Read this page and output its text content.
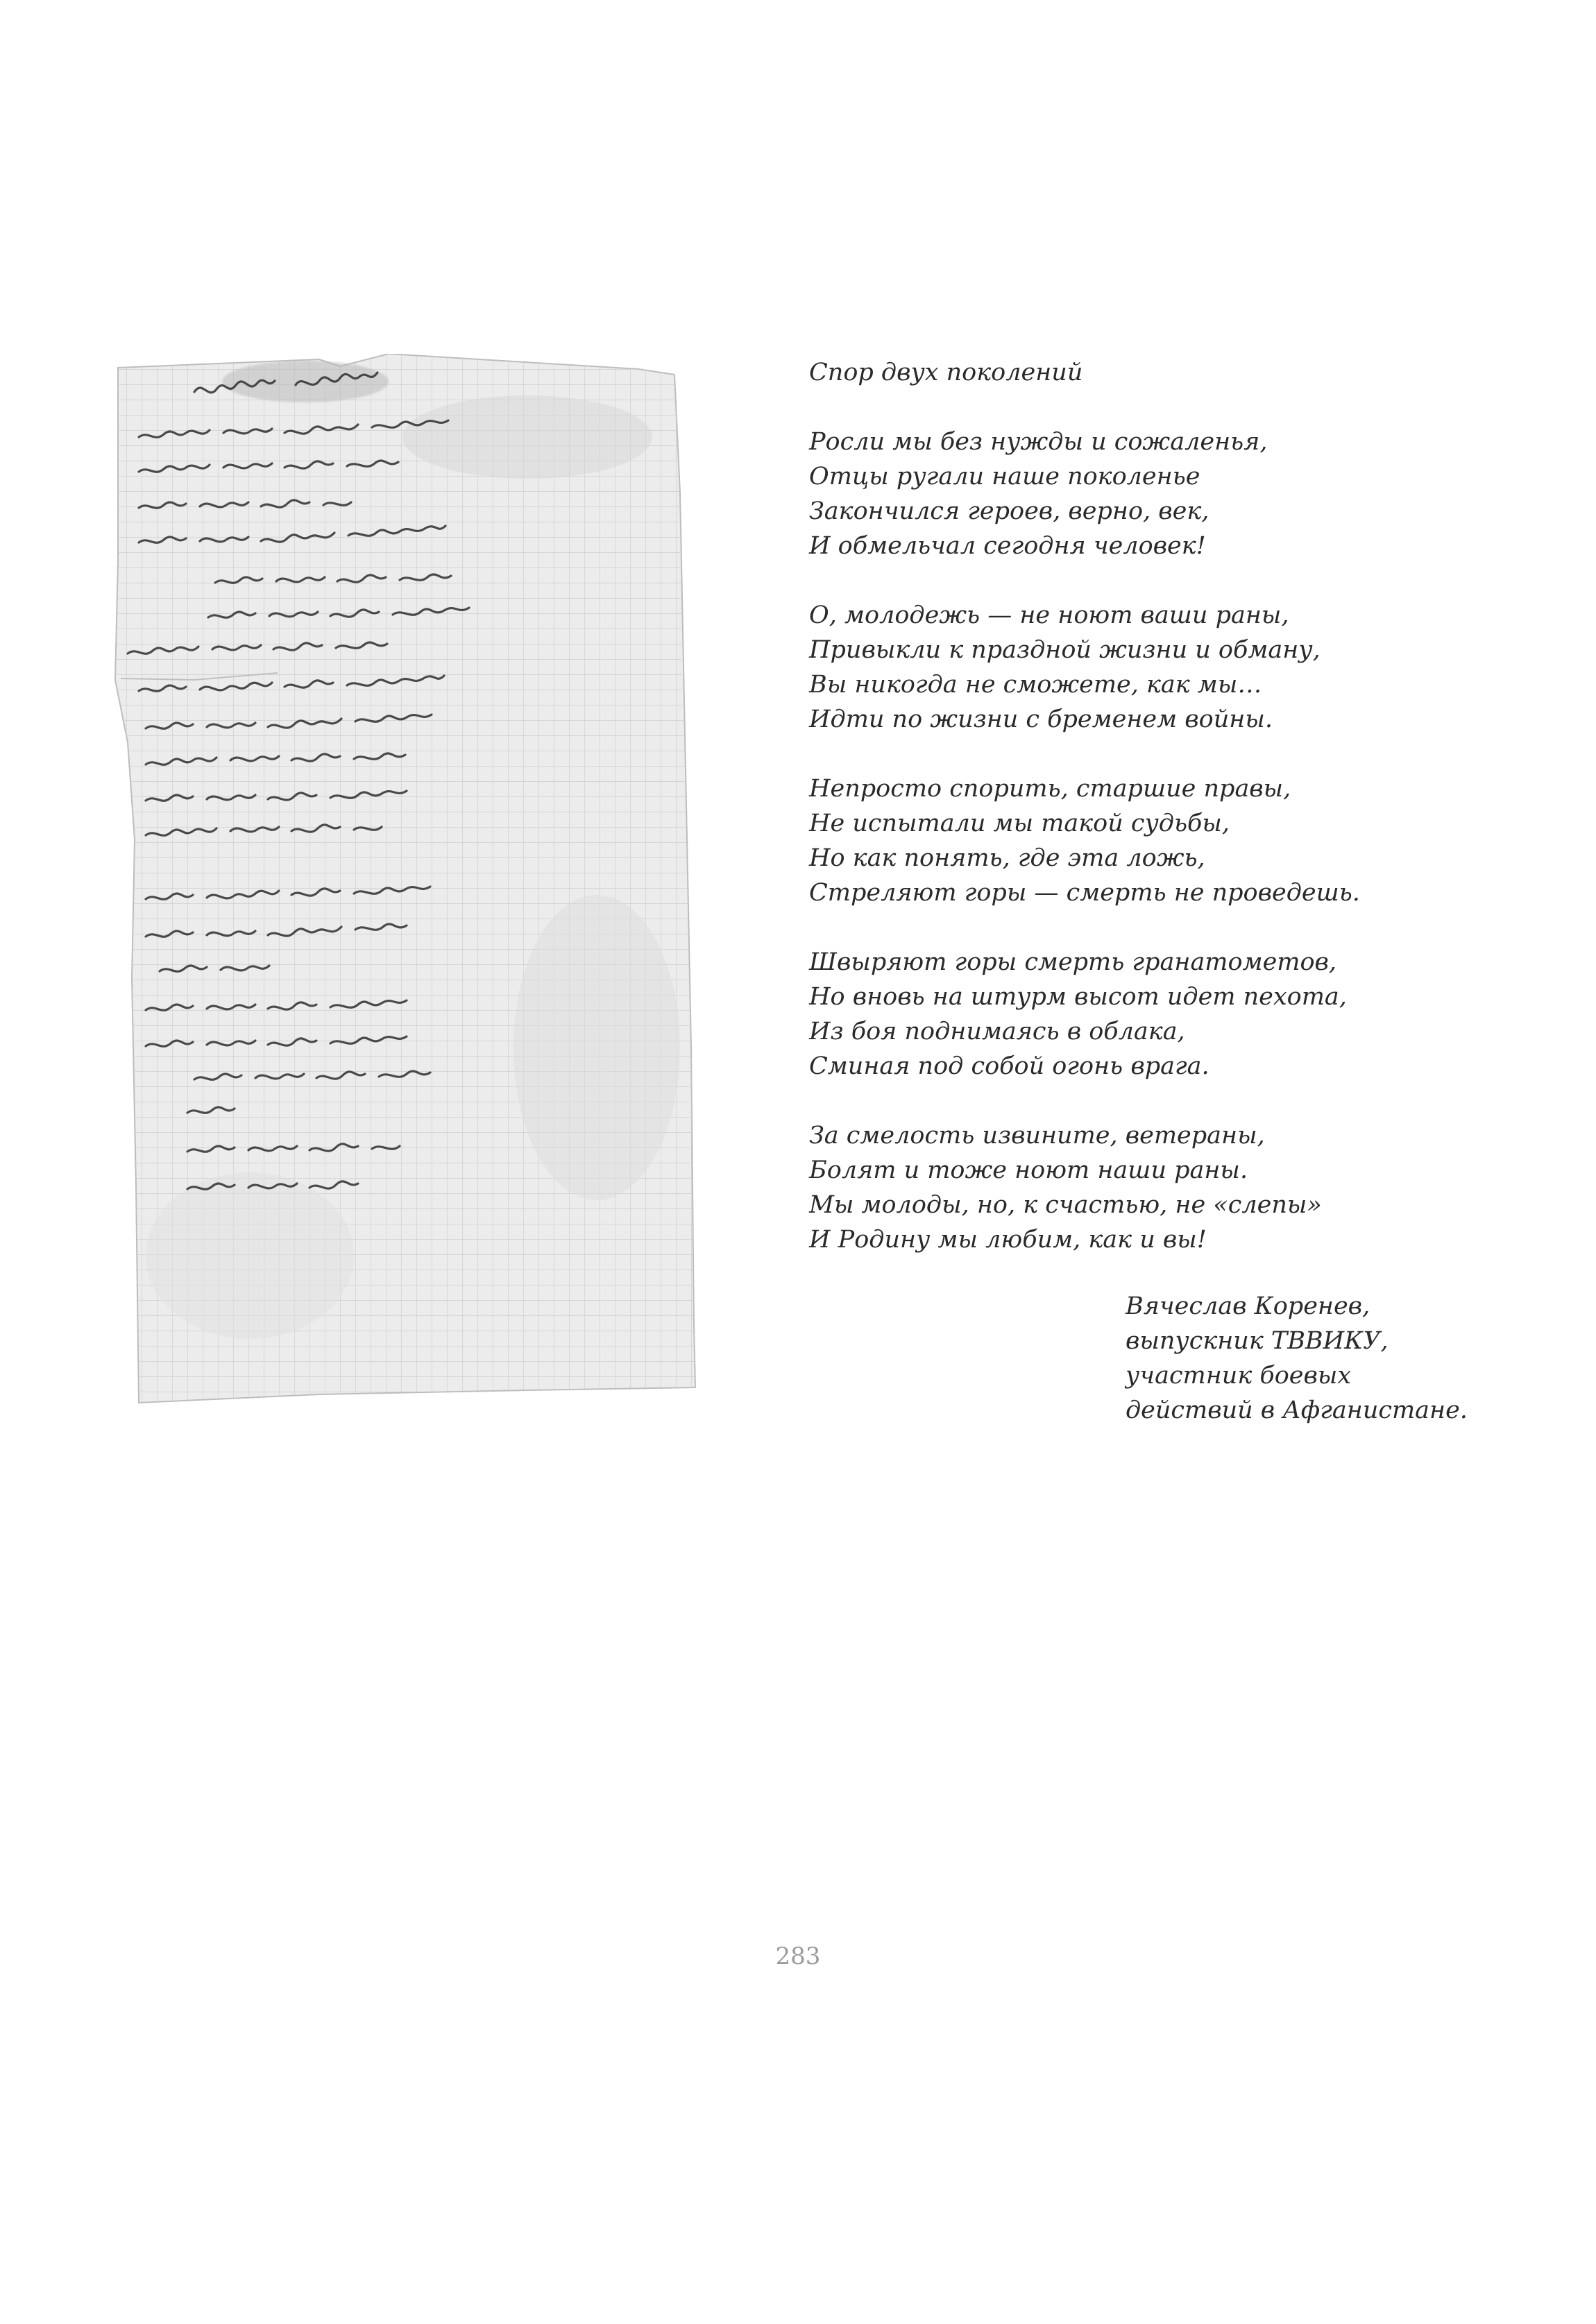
Спор двух поколений
Росли мы без нужды и сожаленья,
Отцы ругали наше поколенье
Закончился героев, верно, век,
И обмельчал сегодня человек!
О, молодежь — не ноют ваши раны,
Привыкли к праздной жизни и обману,
Вы никогда не сможете, как мы…
Идти по жизни с бременем войны.
Непросто спорить, старшие правы,
Не испытали мы такой судьбы,
Но как понять, где эта ложь,
Стреляют горы — смерть не проведешь.
Швыряют горы смерть гранатометов,
Но вновь на штурм высот идет пехота,
Из боя поднимаясь в облака,
Сминая под собой огонь врага.
За смелость извините, ветераны,
Болят и тоже ноют наши раны.
Мы молоды, но, к счастью, не «слепы»
И Родину мы любим, как и вы!
Вячеслав Коренев,
выпускник ТВВИКУ,
участник боевых
действий в Афганистане.
283
